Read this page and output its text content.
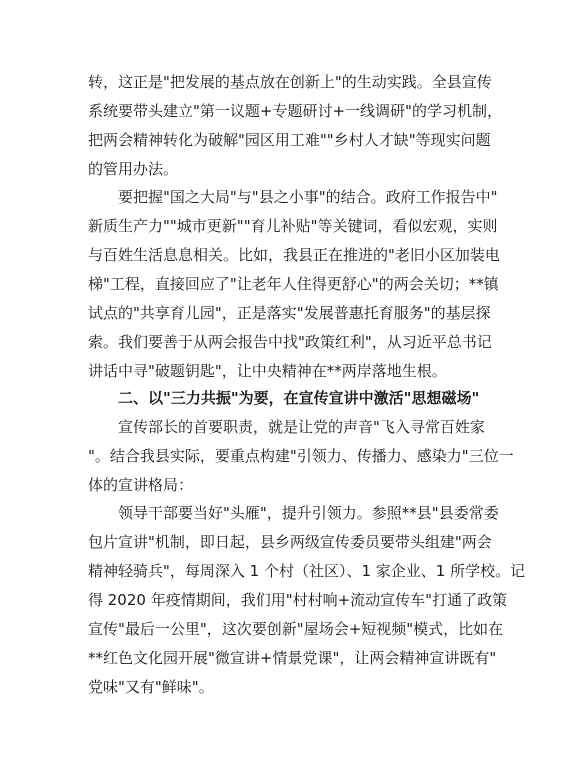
转，这正是"把发展的基点放在创新上"的生动实践。全县宣传
系统要带头建立"第一议题+专题研讨+一线调研"的学习机制，
把两会精神转化为破解"园区用工难""乡村人才缺"等现实问题
的管用办法。
要把握"国之大局"与"县之小事"的结合。政府工作报告中"
新质生产力""城市更新""育儿补贴"等关键词，看似宏观，实则
与百姓生活息息相关。比如，我县正在推进的"老旧小区加装电
梯"工程，直接回应了"让老年人住得更舒心"的两会关切；**镇
试点的"共享育儿园"，正是落实"发展普惠托育服务"的基层探
索。我们要善于从两会报告中找"政策红利"，从习近平总书记
讲话中寻"破题钥匙"，让中央精神在**两岸落地生根。
二、以"三力共振"为要，在宣传宣讲中激活"思想磁场"
宣传部长的首要职责，就是让党的声音"飞入寻常百姓家
"。结合我县实际，要重点构建"引领力、传播力、感染力"三位一
体的宣讲格局：
领导干部要当好"头雁"，提升引领力。参照**县"县委常委
包片宣讲"机制，即日起，县乡两级宣传委员要带头组建"两会
精神轻骑兵"，每周深入 1 个村（社区）、1 家企业、1 所学校。记
得 2020 年疫情期间，我们用"村村响+流动宣传车"打通了政策
宣传"最后一公里"，这次要创新"屋场会+短视频"模式，比如在
**红色文化园开展"微宣讲+情景党课"，让两会精神宣讲既有"
党味"又有"鲜味"。
